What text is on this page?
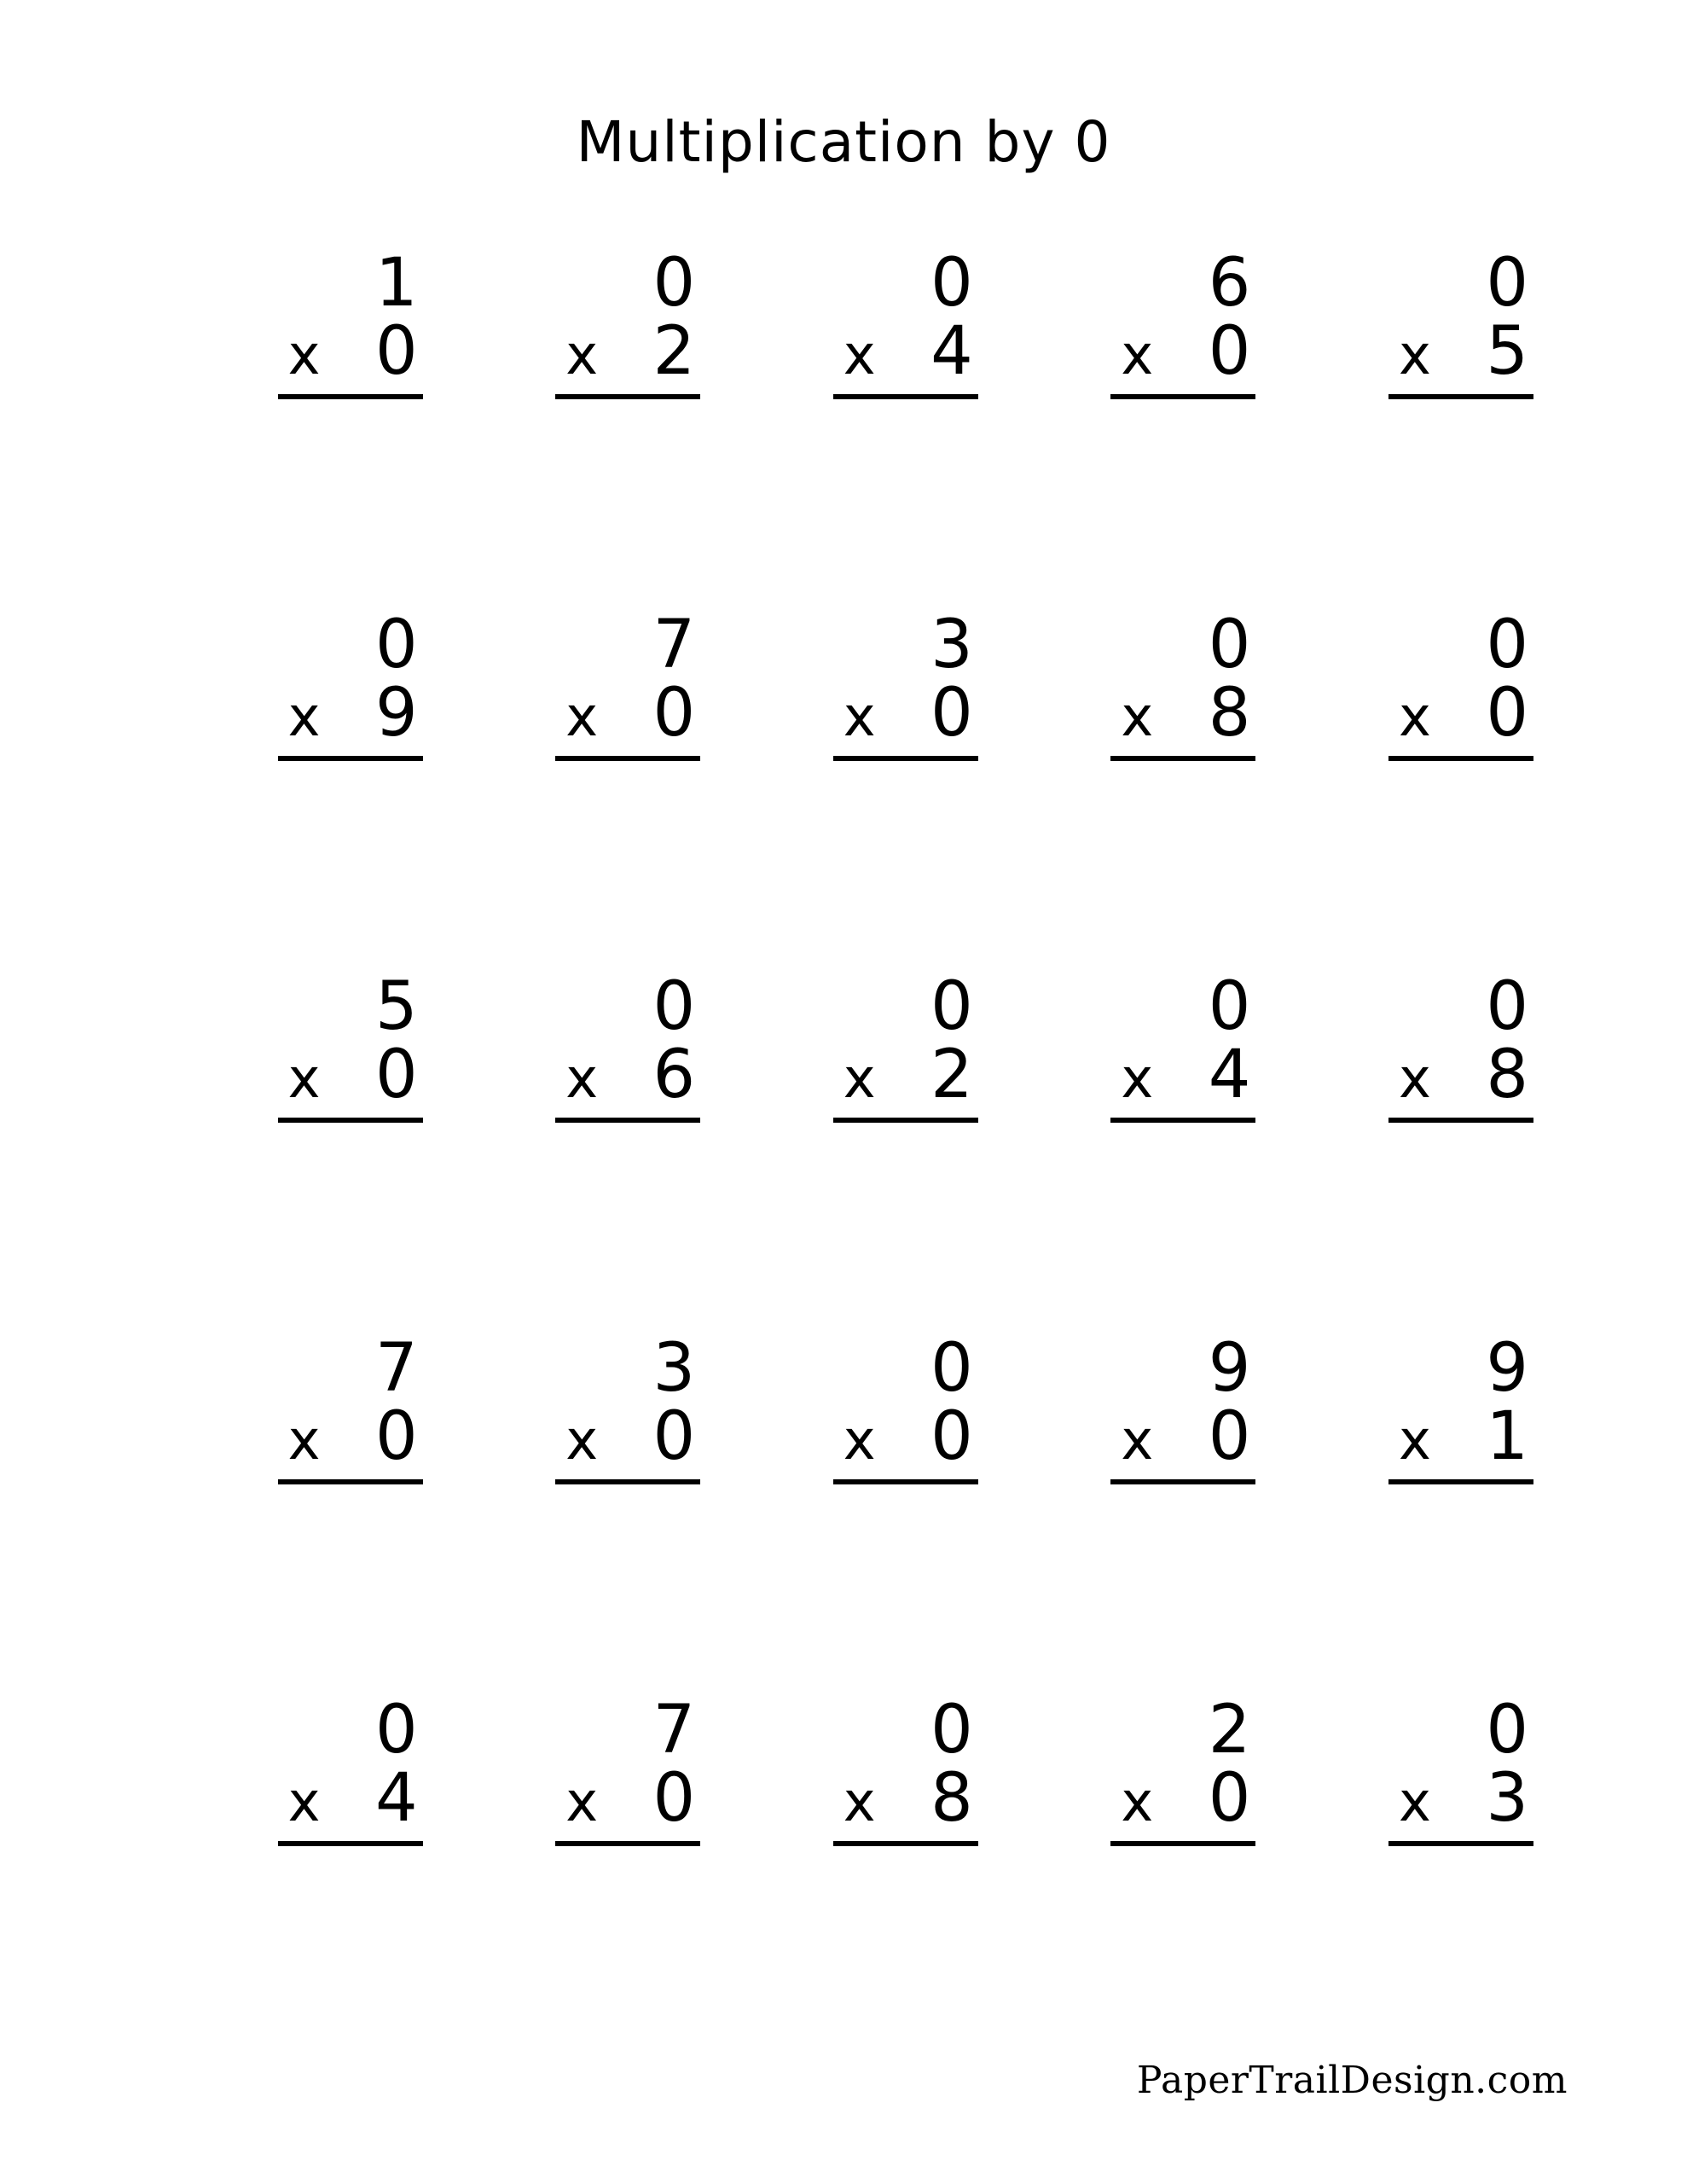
Multiplication by 0
1
x 0
0
x 2
0
x 4
6
x 0
0
x 5
0
x 9
7
x 0
3
x 0
0
x 8
0
x 0
5
x 0
0
x 6
0
x 2
0
x 4
0
x 8
7
x 0
3
x 0
0
x 0
9
x 0
9
x 1
0
x 4
7
x 0
0
x 8
2
x 0
0
x 3
PaperTrailDesign.com
